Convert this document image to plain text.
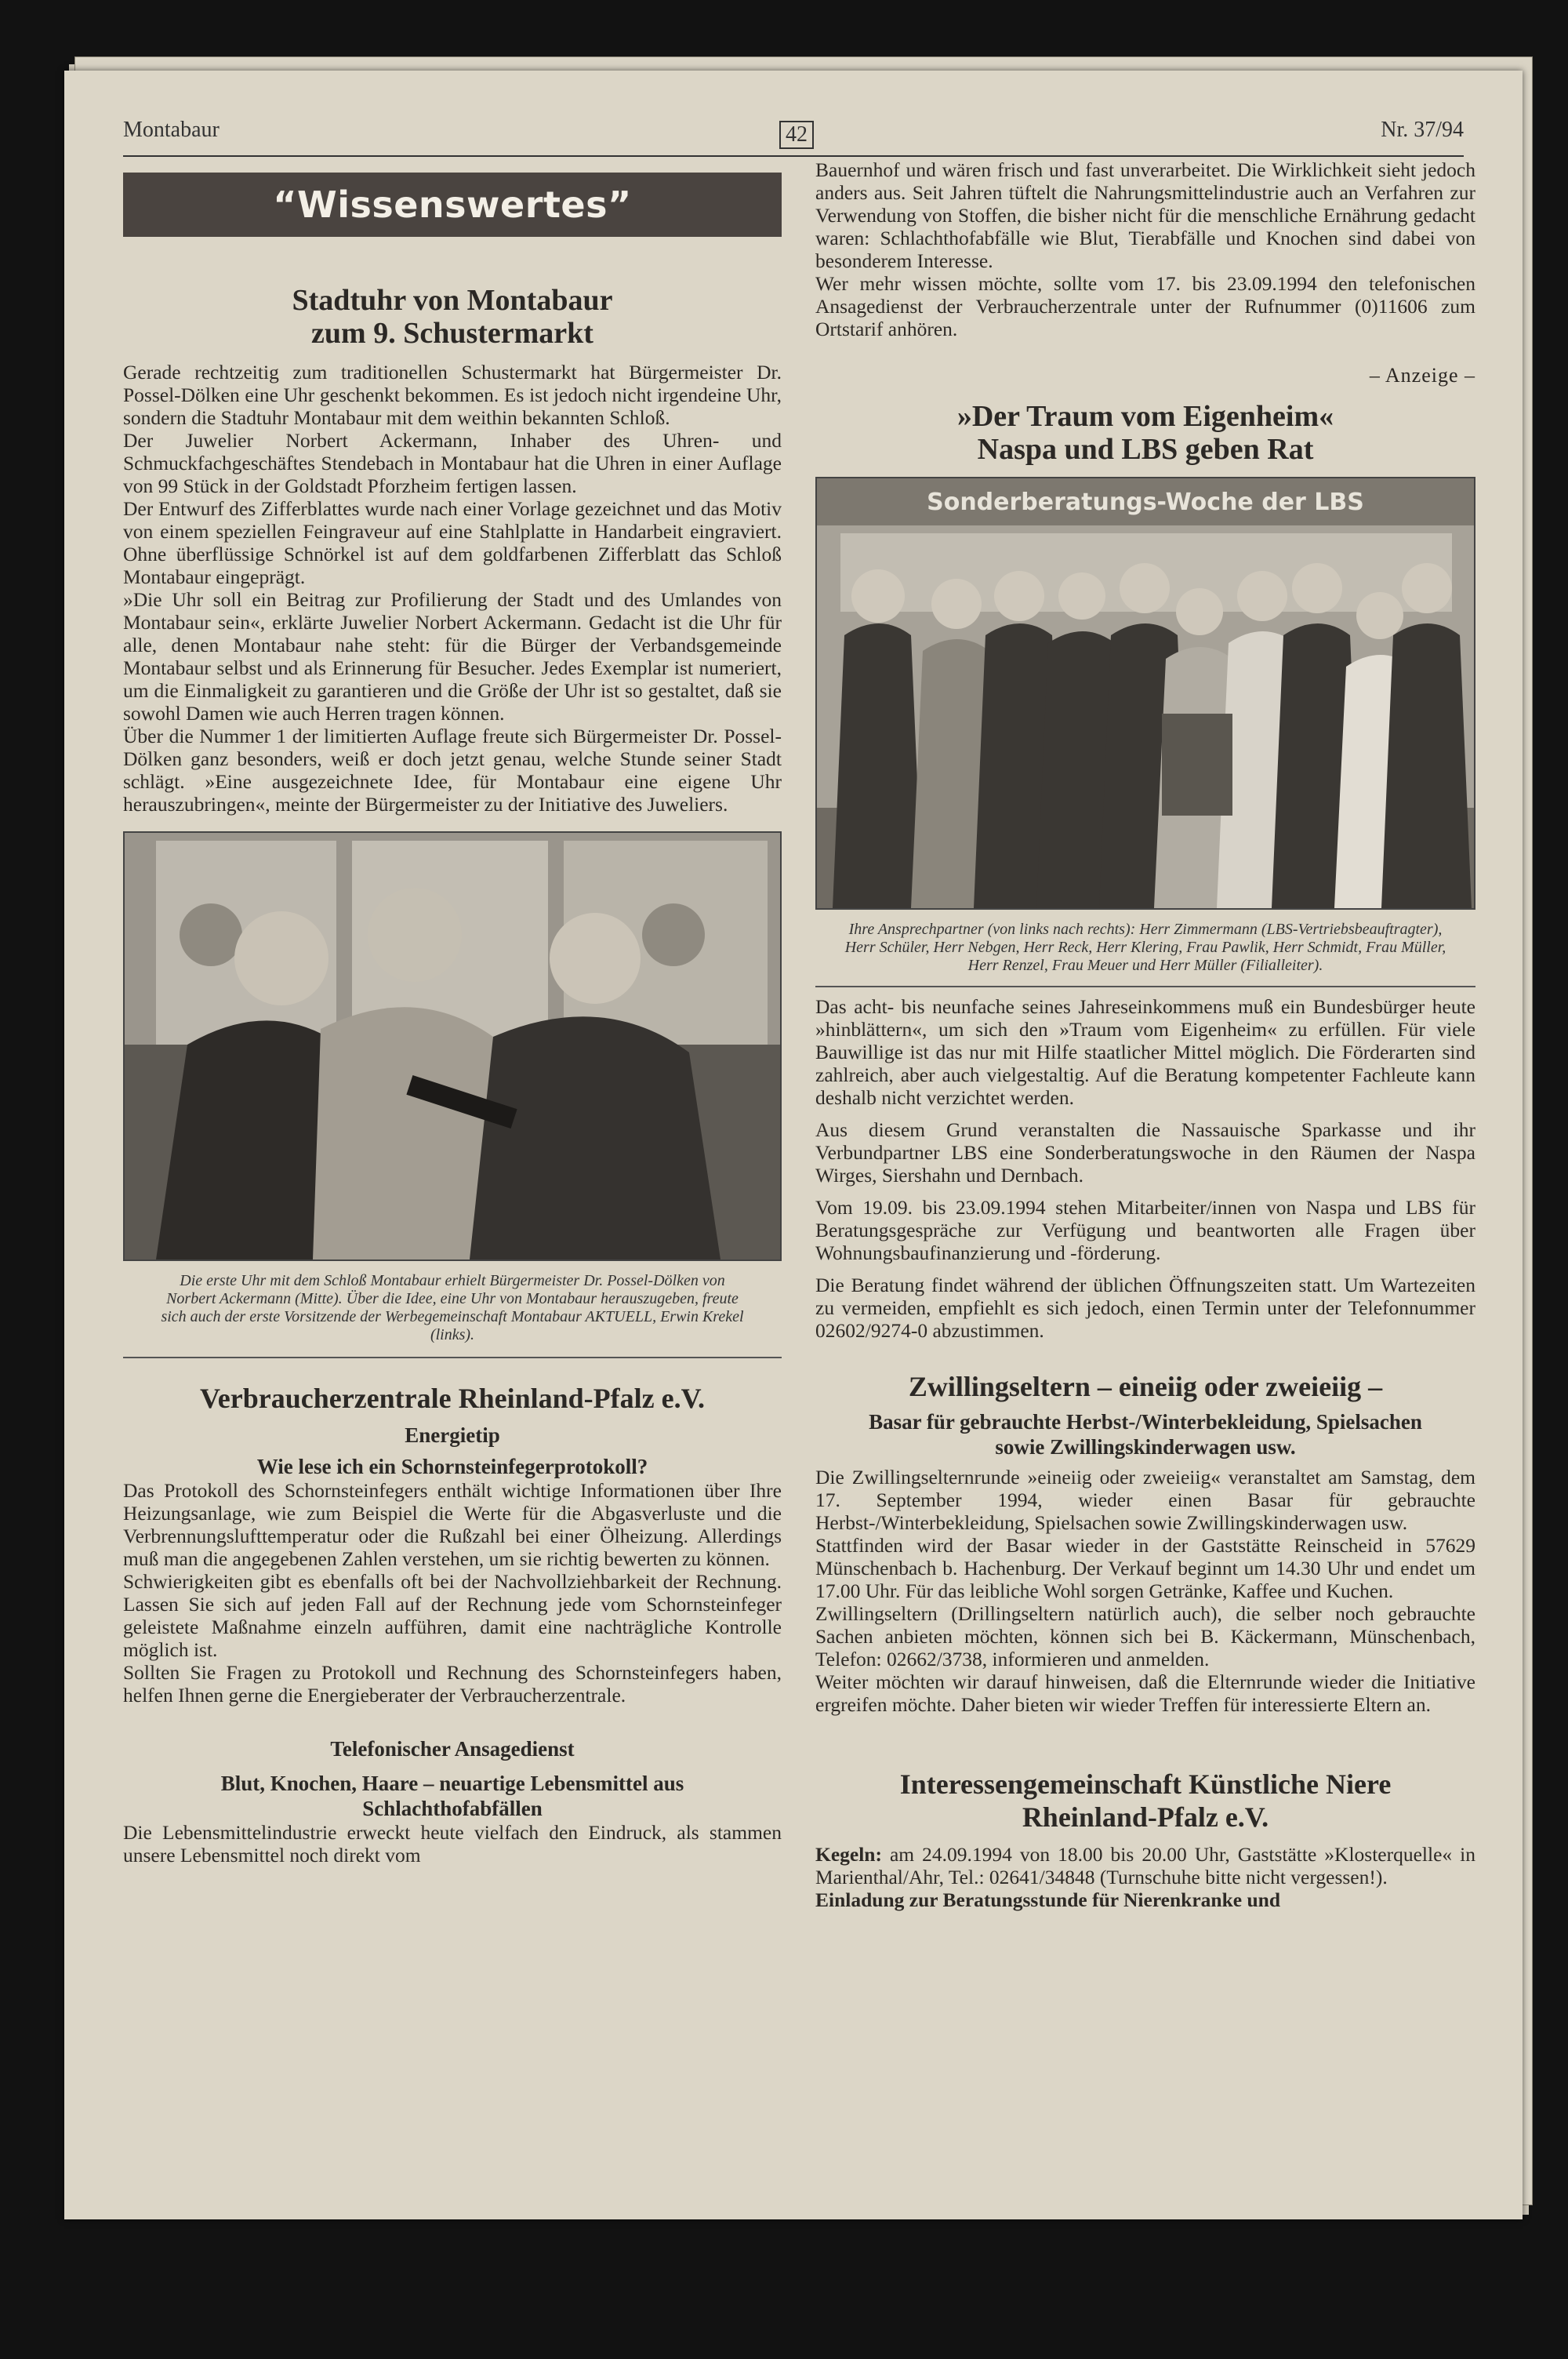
Montabaur	42	Nr. 37/94
“Wissenswertes”
Stadtuhr von Montabaur
zum 9. Schustermarkt

Gerade rechtzeitig zum traditionellen Schustermarkt hat Bürgermeister Dr. Possel-Dölken eine Uhr geschenkt bekommen. Es ist jedoch nicht irgendeine Uhr, sondern die Stadtuhr Montabaur mit dem weithin bekannten Schloß.

Der Juwelier Norbert Ackermann, Inhaber des Uhren- und Schmuckfachgeschäftes Stendebach in Montabaur hat die Uhren in einer Auflage von 99 Stück in der Goldstadt Pforzheim fertigen lassen.

Der Entwurf des Zifferblattes wurde nach einer Vorlage gezeichnet und das Motiv von einem speziellen Feingraveur auf eine Stahlplatte in Handarbeit eingraviert. Ohne überflüssige Schnörkel ist auf dem goldfarbenen Zifferblatt das Schloß Montabaur eingeprägt.

»Die Uhr soll ein Beitrag zur Profilierung der Stadt und des Umlandes von Montabaur sein«, erklärte Juwelier Norbert Ackermann. Gedacht ist die Uhr für alle, denen Montabaur nahe steht: für die Bürger der Verbandsgemeinde Montabaur selbst und als Erinnerung für Besucher. Jedes Exemplar ist numeriert, um die Einmaligkeit zu garantieren und die Größe der Uhr ist so gestaltet, daß sie sowohl Damen wie auch Herren tragen können.

Über die Nummer 1 der limitierten Auflage freute sich Bürgermeister Dr. Possel-Dölken ganz besonders, weiß er doch jetzt genau, welche Stunde seiner Stadt schlägt. »Eine ausgezeichnete Idee, für Montabaur eine eigene Uhr herauszubringen«, meinte der Bürgermeister zu der Initiative des Juweliers.

Die erste Uhr mit dem Schloß Montabaur erhielt Bürgermeister Dr. Possel-Dölken von Norbert Ackermann (Mitte). Über die Idee, eine Uhr von Montabaur herauszugeben, freute sich auch der erste Vorsitzende der Werbegemeinschaft Montabaur AKTUELL, Erwin Krekel (links).
Verbraucherzentrale Rheinland-Pfalz e.V.
Energietip
Wie lese ich ein Schornsteinfegerprotokoll?

Das Protokoll des Schornsteinfegers enthält wichtige Informationen über Ihre Heizungsanlage, wie zum Beispiel die Werte für die Abgasverluste und die Verbrennungslufttemperatur oder die Rußzahl bei einer Ölheizung. Allerdings muß man die angegebenen Zahlen verstehen, um sie richtig bewerten zu können.

Schwierigkeiten gibt es ebenfalls oft bei der Nachvollziehbarkeit der Rechnung. Lassen Sie sich auf jeden Fall auf der Rechnung jede vom Schornsteinfeger geleistete Maßnahme einzeln aufführen, damit eine nachträgliche Kontrolle möglich ist.

Sollten Sie Fragen zu Protokoll und Rechnung des Schornsteinfegers haben, helfen Ihnen gerne die Energieberater der Verbraucherzentrale.

Telefonischer Ansagedienst
Blut, Knochen, Haare – neuartige Lebensmittel aus Schlachthofabfällen

Die Lebensmittelindustrie erweckt heute vielfach den Eindruck, als stammen unsere Lebensmittel noch direkt vom

Bauernhof und wären frisch und fast unverarbeitet. Die Wirklichkeit sieht jedoch anders aus. Seit Jahren tüftelt die Nahrungsmittelindustrie auch an Verfahren zur Verwendung von Stoffen, die bisher nicht für die menschliche Ernährung gedacht waren: Schlachthofabfälle wie Blut, Tierabfälle und Knochen sind dabei von besonderem Interesse.

Wer mehr wissen möchte, sollte vom 17. bis 23.09.1994 den telefonischen Ansagedienst der Verbraucherzentrale unter der Rufnummer (0)11606 zum Ortstarif anhören.

– Anzeige –
»Der Traum vom Eigenheim«
Naspa und LBS geben Rat
Sonderberatungs-Woche der LBS
Ihre Ansprechpartner (von links nach rechts): Herr Zimmermann (LBS-Vertriebsbeauftragter), Herr Schüler, Herr Nebgen, Herr Reck, Herr Klering, Frau Pawlik, Herr Schmidt, Frau Müller, Herr Renzel, Frau Meuer und Herr Müller (Filialleiter).

Das acht- bis neunfache seines Jahreseinkommens muß ein Bundesbürger heute »hinblättern«, um sich den »Traum vom Eigenheim« zu erfüllen. Für viele Bauwillige ist das nur mit Hilfe staatlicher Mittel möglich. Die Förderarten sind zahlreich, aber auch vielgestaltig. Auf die Beratung kompetenter Fachleute kann deshalb nicht verzichtet werden.

Aus diesem Grund veranstalten die Nassauische Sparkasse und ihr Verbundpartner LBS eine Sonderberatungswoche in den Räumen der Naspa Wirges, Siershahn und Dernbach.

Vom 19.09. bis 23.09.1994 stehen Mitarbeiter/innen von Naspa und LBS für Beratungsgespräche zur Verfügung und beantworten alle Fragen über Wohnungsbaufinanzierung und -förderung.

Die Beratung findet während der üblichen Öffnungszeiten statt. Um Wartezeiten zu vermeiden, empfiehlt es sich jedoch, einen Termin unter der Telefonnummer 02602/9274-0 abzustimmen.

Zwillingseltern – eineiig oder zweieiig –
Basar für gebrauchte Herbst-/Winterbekleidung, Spielsachen sowie Zwillingskinderwagen usw.

Die Zwillingselternrunde »eineiig oder zweieiig« veranstaltet am Samstag, dem 17. September 1994, wieder einen Basar für gebrauchte Herbst-/Winterbekleidung, Spielsachen sowie Zwillingskinderwagen usw.

Stattfinden wird der Basar wieder in der Gaststätte Reinscheid in 57629 Münschenbach b. Hachenburg. Der Verkauf beginnt um 14.30 Uhr und endet um 17.00 Uhr. Für das leibliche Wohl sorgen Getränke, Kaffee und Kuchen.

Zwillingseltern (Drillingseltern natürlich auch), die selber noch gebrauchte Sachen anbieten möchten, können sich bei B. Käckermann, Münschenbach, Telefon: 02662/3738, informieren und anmelden.

Weiter möchten wir darauf hinweisen, daß die Elternrunde wieder die Initiative ergreifen möchte. Daher bieten wir wieder Treffen für interessierte Eltern an.

Interessengemeinschaft Künstliche Niere
Rheinland-Pfalz e.V.

Kegeln: am 24.09.1994 von 18.00 bis 20.00 Uhr, Gaststätte »Klosterquelle« in Marienthal/Ahr, Tel.: 02641/34848 (Turnschuhe bitte nicht vergessen!).

Einladung zur Beratungsstunde für Nierenkranke und
